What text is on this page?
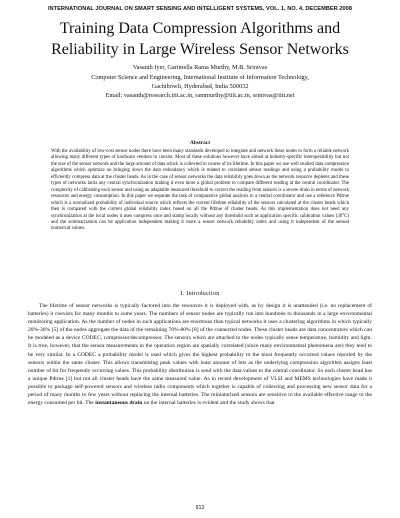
INTERNATIONAL JOURNAL ON SMART SENSING AND INTELLIGENT SYSTEMS, VOL. 1, NO. 4, DECEMBER 2008
Training Data Compression Algorithms and
Reliability in Large Wireless Sensor Networks
Vasanth Iyer, Garimella Rama Murthy, M.B. Srinivas
Computer Science and Engineering, International Institute of Information Technology,
Gachibowli, Hyderabad, India 500032
Email: vasanth@research.iiit.ac.in, rammurthy@iiit.ac.in, srinivas@iiit.net
Abstract
With the availability of low-cost sensor nodes there have been many standards developed to integrate and network these nodes to form a reliable network allowing many different types of hardware vendors to coexist. Most of these solutions however have aimed at industry-specific interoperability but not the size of the sensor network and the large amount of data which is collected in course of its lifetime. In this paper we use well studied data compression algorithms which optimize on bringing down the data redundancy which is related to correlated sensor readings and using a probability model to efficiently compress data at the cluster heads. As in the case of sensor networks the data reliability goes down as the network resource depletes and these types of networks lacks any central synchronization making it even more a global problem to compare different reading at the central coordinator. The complexity of calibrating each sensor and using an adaptable measured threshold to correct the reading from sensors is a severe drain in terms of network resources and energy consumption. In this paper we separate the task of comparative global analysis to a central coordinator and use a reference Pdtrue which is a normalized probability of individual source which reflects the current lifetime reliability of the sensors calculated at the cluster heads which then is compared with the current global reliability index based on all the Pdtrue of cluster heads. As this implementation does not need any synchronization at the local nodes it uses compress once and stamp locally without any threshold such as application specific calibration values (30°C) and the summarization can be application independent making it more a sensor network reliability index and using it independent of the sensed numerical values.
I. Introduction

The lifetime of sensor networks is typically factored into the resources it is deployed with, as by design it is unattended (i.e. no replacement of batteries) it coexists for many months to some years. The numbers of sensor nodes are typically run into hundreds to thousands in a large environmental monitoring application. As the number of nodes in such applications are enormous than typical networks it uses a clustering algorithms in which typically 20%-30% [5] of the nodes aggregate the data of the remaining 70%-80% [8] of the connected nodes. These cluster heads are data concentrators which can be modeled as a device CODEC, compressor/decompressor. The sensors which are attached to the nodes typically sense temperature, humidity and light. It is true, however, that the sensor measurements in the operation region are spatially correlated (since many environmental phenomena are) they tend to be very similar. In a CODEC a probability model is used which gives the highest probability to the most frequently occurred values reported by the sensors within the same cluster. This allows transmitting peak values with least amount of bits as the underlying compression algorithm assigns least number of bit for frequently occurring values. This probability distribution is send with the data values to the central coordinator. So each cluster head has a unique Pdtrue [1] but not all cluster heads have the same measured value. As in recent development of VLSI and MEMS technologies have made it possible to package self-powered sensors and wireless radio components which together is capable of collecting and processing new sensor data for a period of many months to few years without replacing the internal batteries. The miniaturized sensors are sensitive to the available effective range to the energy consumed per bit. The instantaneous drain on the internal batteries is evident and the study shows that

912
